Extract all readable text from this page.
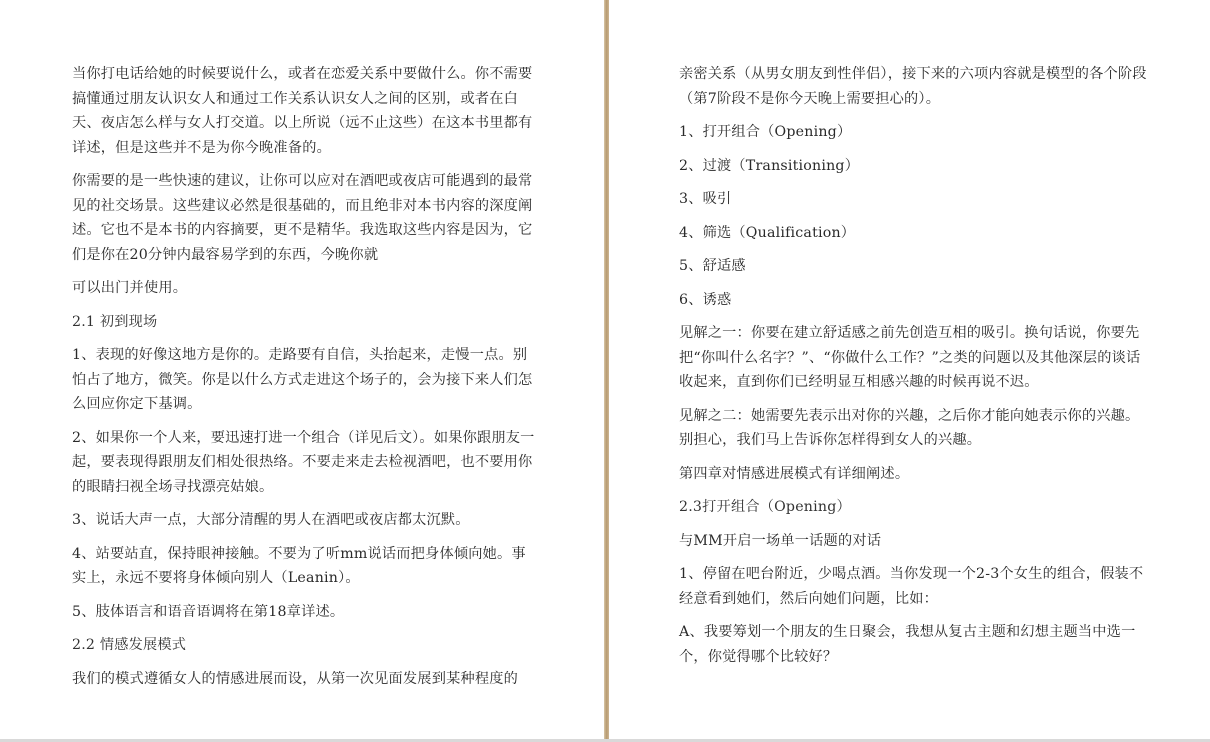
当你打电话给她的时候要说什么，或者在恋爱关系中要做什么。你不需要搞懂通过朋友认识女人和通过工作关系认识女人之间的区别，或者在白天、夜店怎么样与女人打交道。以上所说（远不止这些）在这本书里都有详述，但是这些并不是为你今晚准备的。

你需要的是一些快速的建议，让你可以应对在酒吧或夜店可能遇到的最常见的社交场景。这些建议必然是很基础的，而且绝非对本书内容的深度阐述。它也不是本书的内容摘要，更不是精华。我选取这些内容是因为，它们是你在20分钟内最容易学到的东西，今晚你就

可以出门并使用。

2.1 初到现场

1、表现的好像这地方是你的。走路要有自信，头抬起来，走慢一点。别怕占了地方，微笑。你是以什么方式走进这个场子的，会为接下来人们怎么回应你定下基调。

2、如果你一个人来，要迅速打进一个组合（详见后文）。如果你跟朋友一起，要表现得跟朋友们相处很热络。不要走来走去检视酒吧，也不要用你的眼睛扫视全场寻找漂亮姑娘。

3、说话大声一点，大部分清醒的男人在酒吧或夜店都太沉默。

4、站要站直，保持眼神接触。不要为了听mm说话而把身体倾向她。事实上，永远不要将身体倾向别人（Leanin）。

5、肢体语言和语音语调将在第18章详述。

2.2 情感发展模式

我们的模式遵循女人的情感进展而设，从第一次见面发展到某种程度的

亲密关系（从男女朋友到性伴侣），接下来的六项内容就是模型的各个阶段（第7阶段不是你今天晚上需要担心的）。

1、打开组合（Opening）

2、过渡（Transitioning）

3、吸引

4、筛选（Qualification）

5、舒适感

6、诱惑

见解之一：你要在建立舒适感之前先创造互相的吸引。换句话说，你要先把“你叫什么名字？”、“你做什么工作？”之类的问题以及其他深层的谈话收起来，直到你们已经明显互相感兴趣的时候再说不迟。

见解之二：她需要先表示出对你的兴趣，之后你才能向她表示你的兴趣。别担心，我们马上告诉你怎样得到女人的兴趣。

第四章对情感进展模式有详细阐述。

2.3打开组合（Opening）

与MM开启一场单一话题的对话

1、停留在吧台附近，少喝点酒。当你发现一个2-3个女生的组合，假装不经意看到她们，然后向她们问题，比如：

A、我要筹划一个朋友的生日聚会，我想从复古主题和幻想主题当中选一个，你觉得哪个比较好？
